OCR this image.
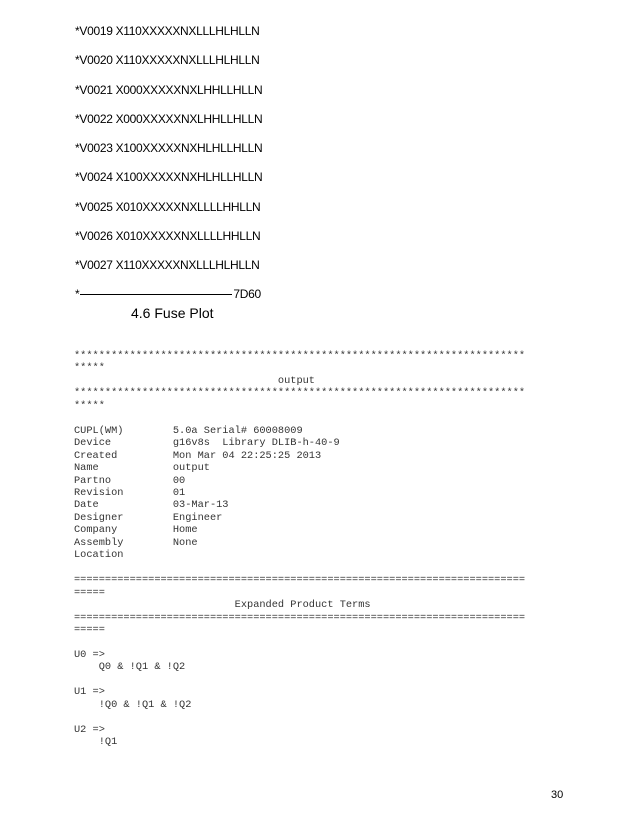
*V0019 X110XXXXXNXLLLHLHLLN
*V0020 X110XXXXXNXLLLHLHLLN
*V0021 X000XXXXXNXLHHLLHLLN
*V0022 X000XXXXXNXLHHLLHLLN
*V0023 X100XXXXXNXHLHLLHLLN
*V0024 X100XXXXXNXHLHLLHLLN
*V0025 X010XXXXXNXLLLLHHLLN
*V0026 X010XXXXXNXLLLLHHLLN
*V0027 X110XXXXXNXLLLHLHLLN
*	7D60
4.6 Fuse Plot
*************************************************************************
*****
output
*************************************************************************
*****

CUPL(WM)        5.0a Serial# 60008009
Device          g16v8s  Library DLIB-h-40-9
Created         Mon Mar 04 22:25:25 2013
Name            output
Partno          00
Revision        01
Date            03-Mar-13
Designer        Engineer
Company         Home
Assembly        None
Location

=========================================================================
=====
Expanded Product Terms
=========================================================================
=====

U0 =>
Q0 & !Q1 & !Q2

U1 =>
!Q0 & !Q1 & !Q2

U2 =>
!Q1
30
